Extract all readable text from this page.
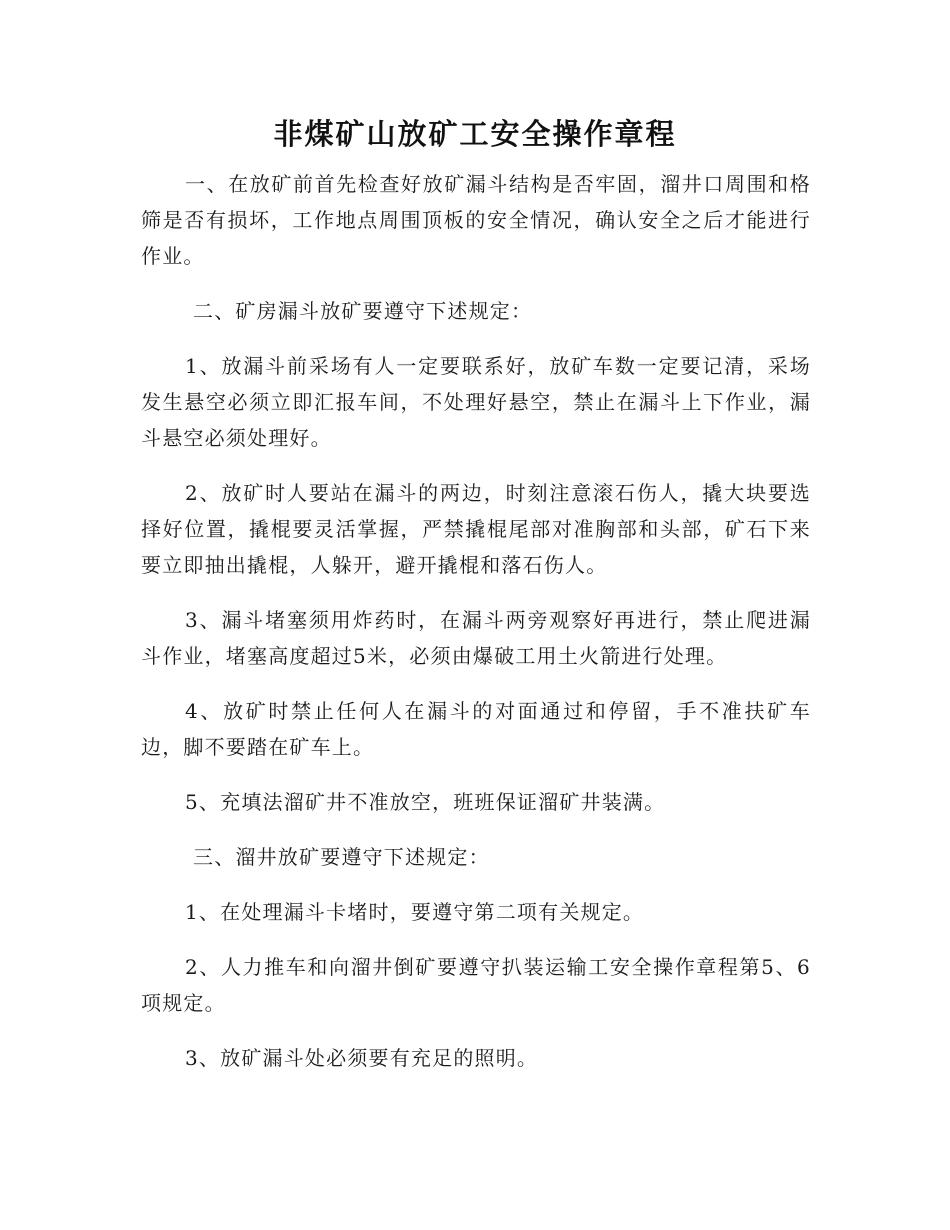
非煤矿山放矿工安全操作章程

一、在放矿前首先检查好放矿漏斗结构是否牢固，溜井口周围和格筛是否有损坏，工作地点周围顶板的安全情况，确认安全之后才能进行作业。

二、矿房漏斗放矿要遵守下述规定：

1、放漏斗前采场有人一定要联系好，放矿车数一定要记清，采场发生悬空必须立即汇报车间，不处理好悬空，禁止在漏斗上下作业，漏斗悬空必须处理好。

2、放矿时人要站在漏斗的两边，时刻注意滚石伤人，撬大块要选择好位置，撬棍要灵活掌握，严禁撬棍尾部对准胸部和头部，矿石下来要立即抽出撬棍，人躲开，避开撬棍和落石伤人。

3、漏斗堵塞须用炸药时，在漏斗两旁观察好再进行，禁止爬进漏斗作业，堵塞高度超过5米，必须由爆破工用土火箭进行处理。

4、放矿时禁止任何人在漏斗的对面通过和停留，手不准扶矿车边，脚不要踏在矿车上。

5、充填法溜矿井不准放空，班班保证溜矿井装满。

三、溜井放矿要遵守下述规定：

1、在处理漏斗卡堵时，要遵守第二项有关规定。

2、人力推车和向溜井倒矿要遵守扒装运输工安全操作章程第5、6项规定。

3、放矿漏斗处必须要有充足的照明。
